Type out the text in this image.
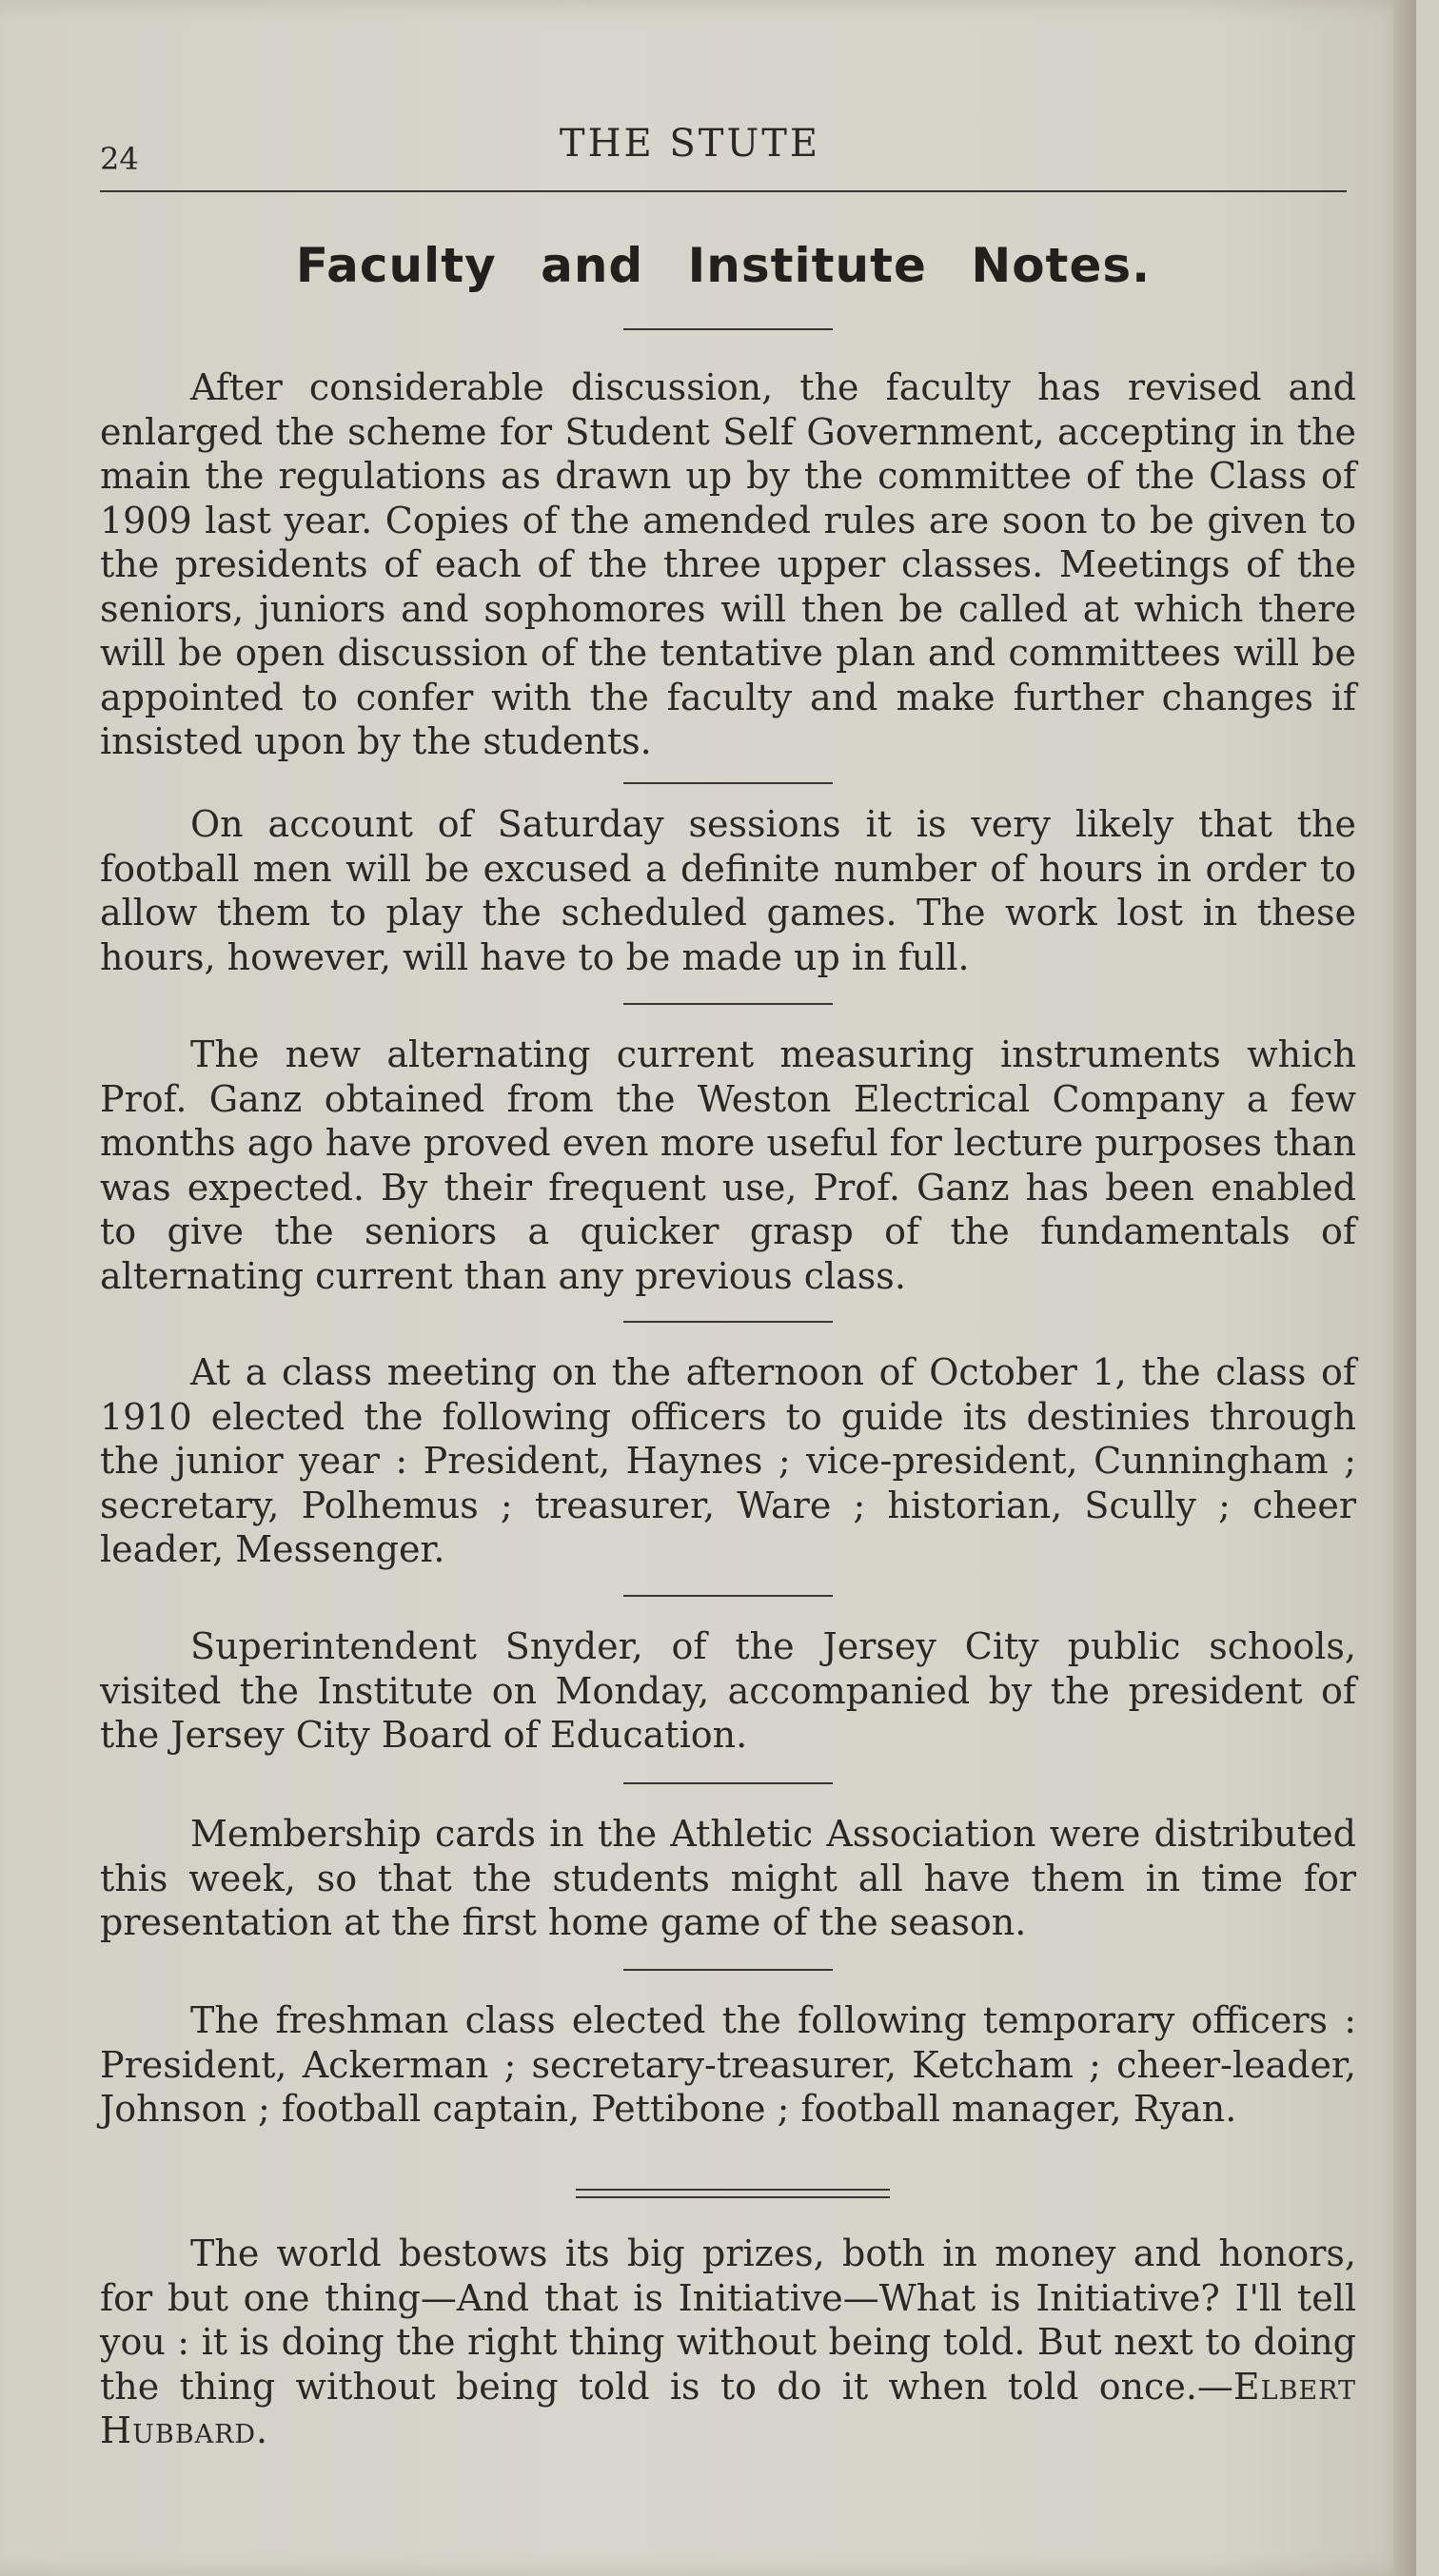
24	THE STUTE
Faculty and Institute Notes.

After considerable discussion, the faculty has revised and enlarged the scheme for Student Self Government, accepting in the main the regulations as drawn up by the committee of the Class of 1909 last year. Copies of the amended rules are soon to be given to the presidents of each of the three upper classes. Meetings of the seniors, juniors and sophomores will then be called at which there will be open discussion of the tentative plan and committees will be appointed to confer with the faculty and make further changes if insisted upon by the students.

On account of Saturday sessions it is very likely that the football men will be excused a definite number of hours in order to allow them to play the scheduled games. The work lost in these hours, however, will have to be made up in full.

The new alternating current measuring instruments which Prof. Ganz obtained from the Weston Electrical Company a few months ago have proved even more useful for lecture purposes than was expected. By their frequent use, Prof. Ganz has been enabled to give the seniors a quicker grasp of the fundamentals of alternating current than any previous class.

At a class meeting on the afternoon of October 1, the class of 1910 elected the following officers to guide its destinies through the junior year : President, Haynes ; vice-president, Cunningham ; secretary, Polhemus ; treasurer, Ware ; historian, Scully ; cheer leader, Messenger.

Superintendent Snyder, of the Jersey City public schools, visited the Institute on Monday, accompanied by the president of the Jersey City Board of Education.

Membership cards in the Athletic Association were distributed this week, so that the students might all have them in time for presentation at the first home game of the season.

The freshman class elected the following temporary officers : President, Ackerman ; secretary-treasurer, Ketcham ; cheer-leader, Johnson ; football captain, Pettibone ; football manager, Ryan.

The world bestows its big prizes, both in money and honors, for but one thing—And that is Initiative—What is Initiative? I'll tell you : it is doing the right thing without being told. But next to doing the thing without being told is to do it when told once.—Elbert Hubbard.
